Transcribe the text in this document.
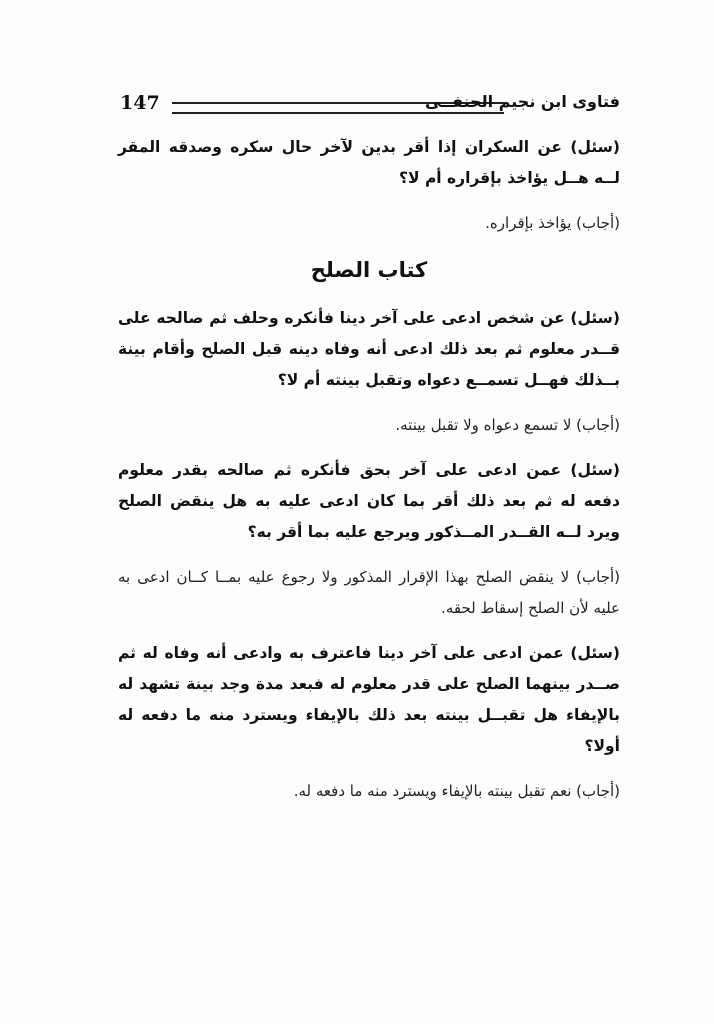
147	فتاوى ابن نجيم الحنفــى

(سئل) عن السكران إذا أقر بدين لآخر حال سكره وصدقه المقر لــه هــل يؤاخذ بإقراره أم لا؟

(أجاب) يؤاخذ بإقراره.

كتاب الصلح

(سئل) عن شخص ادعى على آخر دينا فأنكره وحلف ثم صالحه على قــدر معلوم ثم بعد ذلك ادعى أنه وفاه دينه قبل الصلح وأقام بينة بــذلك فهــل تسمــع دعواه وتقبل بينته أم لا؟

(أجاب) لا تسمع دعواه ولا تقبل بينته.

(سئل) عمن ادعى على آخر بحق فأنكره ثم صالحه بقدر معلوم دفعه له ثم بعد ذلك أقر بما كان ادعى عليه به هل ينقض الصلح ويرد لــه القــدر المــذكور ويرجع عليه بما أقر به؟

(أجاب) لا ينقض الصلح بهذا الإقرار المذكور ولا رجوع عليه بمــا كــان ادعى به عليه لأن الصلح إسقاط لحقه.

(سئل) عمن ادعى على آخر دينا فاعترف به وادعى أنه وفاه له ثم صــدر بينهما الصلح على قدر معلوم له فبعد مدة وجد بينة تشهد له بالإيفاء هل تقبــل بينته بعد ذلك بالإيفاء ويسترد منه ما دفعه له أولا؟

(أجاب) نعم تقبل بينته بالإيفاء ويسترد منه ما دفعه له.
